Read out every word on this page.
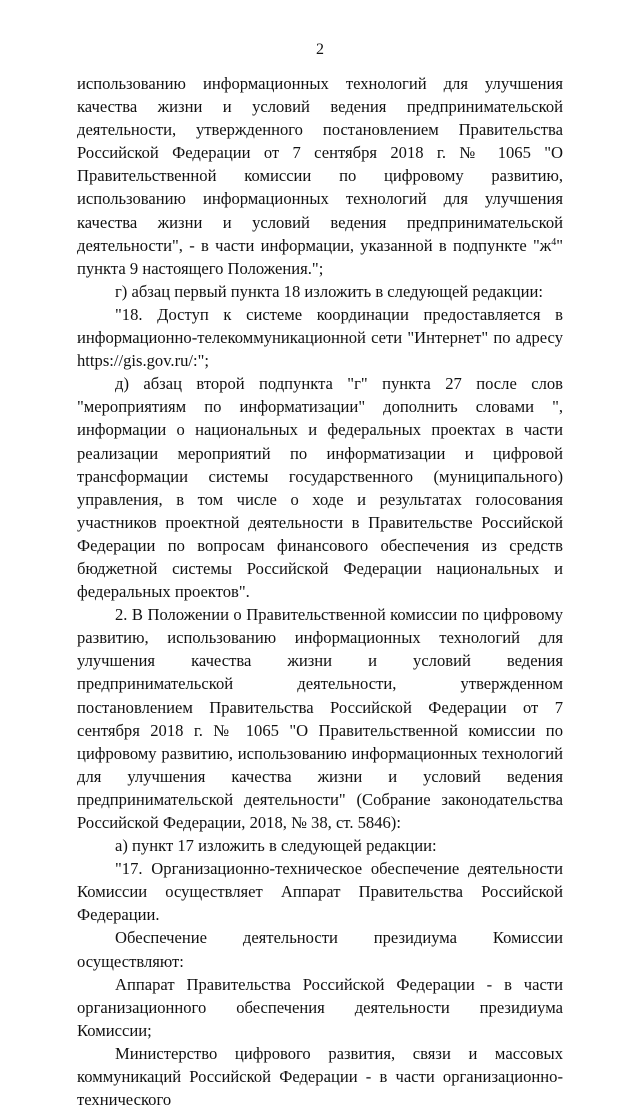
2

использованию информационных технологий для улучшения качества жизни и условий ведения предпринимательской деятельности, утвержденного постановлением Правительства Российской Федерации от 7 сентября 2018 г. № 1065 "О Правительственной комиссии по цифровому развитию, использованию информационных технологий для улучшения качества жизни и условий ведения предпринимательской деятельности", - в части информации, указанной в подпункте "$ж^4$" пункта 9 настоящего Положения.";

г) абзац первый пункта 18 изложить в следующей редакции:

"18. Доступ к системе координации предоставляется в информационно-телекоммуникационной сети "Интернет" по адресу https://gis.gov.ru/:";

д) абзац второй подпункта "г" пункта 27 после слов "мероприятиям по информатизации" дополнить словами ", информации о национальных и федеральных проектах в части реализации мероприятий по информатизации и цифровой трансформации системы государственного (муниципального) управления, в том числе о ходе и результатах голосования участников проектной деятельности в Правительстве Российской Федерации по вопросам финансового обеспечения из средств бюджетной системы Российской Федерации национальных и федеральных проектов".

2. В Положении о Правительственной комиссии по цифровому развитию, использованию информационных технологий для улучшения качества жизни и условий ведения предпринимательской деятельности, утвержденном постановлением Правительства Российской Федерации от 7 сентября 2018 г. № 1065 "О Правительственной комиссии по цифровому развитию, использованию информационных технологий для улучшения качества жизни и условий ведения предпринимательской деятельности" (Собрание законодательства Российской Федерации, 2018, № 38, ст. 5846):

а) пункт 17 изложить в следующей редакции:

"17. Организационно-техническое обеспечение деятельности Комиссии осуществляет Аппарат Правительства Российской Федерации.

Обеспечение деятельности президиума Комиссии осуществляют:

Аппарат Правительства Российской Федерации - в части организационного обеспечения деятельности президиума Комиссии;

Министерство цифрового развития, связи и массовых коммуникаций Российской Федерации - в части организационно-технического
